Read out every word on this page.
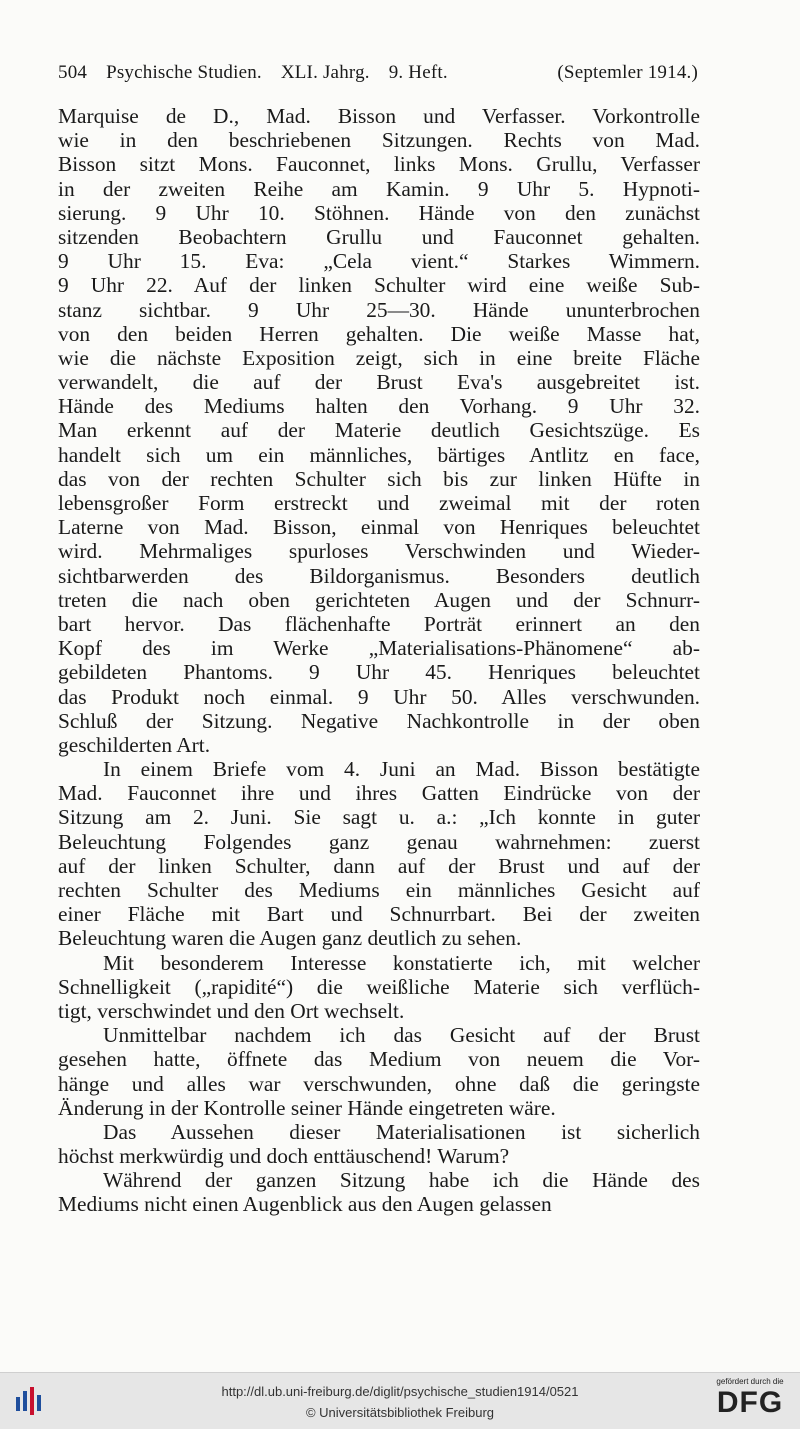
504 Psychische Studien. XLI. Jahrg. 9. Heft.	(Septemler 1914.)
Marquise de D., Mad. Bisson und Verfasser. Vorkontrolle
wie in den beschriebenen Sitzungen. Rechts von Mad.
Bisson sitzt Mons. Fauconnet, links Mons. Grullu, Verfasser
in der zweiten Reihe am Kamin. 9 Uhr 5. Hypnoti-
sierung. 9 Uhr 10. Stöhnen. Hände von den zunächst
sitzenden Beobachtern Grullu und Fauconnet gehalten.
9 Uhr 15. Eva: „Cela vient.“ Starkes Wimmern.
9 Uhr 22. Auf der linken Schulter wird eine weiße Sub-
stanz sichtbar. 9 Uhr 25—30. Hände ununterbrochen
von den beiden Herren gehalten. Die weiße Masse hat,
wie die nächste Exposition zeigt, sich in eine breite Fläche
verwandelt, die auf der Brust Eva's ausgebreitet ist.
Hände des Mediums halten den Vorhang. 9 Uhr 32.
Man erkennt auf der Materie deutlich Gesichtszüge. Es
handelt sich um ein männliches, bärtiges Antlitz en face,
das von der rechten Schulter sich bis zur linken Hüfte in
lebensgroßer Form erstreckt und zweimal mit der roten
Laterne von Mad. Bisson, einmal von Henriques beleuchtet
wird. Mehrmaliges spurloses Verschwinden und Wieder-
sichtbarwerden des Bildorganismus. Besonders deutlich
treten die nach oben gerichteten Augen und der Schnurr-
bart hervor. Das flächenhafte Porträt erinnert an den
Kopf des im Werke „Materialisations-Phänomene“ ab-
gebildeten Phantoms. 9 Uhr 45. Henriques beleuchtet
das Produkt noch einmal. 9 Uhr 50. Alles verschwunden.
Schluß der Sitzung. Negative Nachkontrolle in der oben
geschilderten Art.
In einem Briefe vom 4. Juni an Mad. Bisson bestätigte
Mad. Fauconnet ihre und ihres Gatten Eindrücke von der
Sitzung am 2. Juni. Sie sagt u. a.: „Ich konnte in guter
Beleuchtung Folgendes ganz genau wahrnehmen: zuerst
auf der linken Schulter, dann auf der Brust und auf der
rechten Schulter des Mediums ein männliches Gesicht auf
einer Fläche mit Bart und Schnurrbart. Bei der zweiten
Beleuchtung waren die Augen ganz deutlich zu sehen.
Mit besonderem Interesse konstatierte ich, mit welcher
Schnelligkeit („rapidité“) die weißliche Materie sich verflüch-
tigt, verschwindet und den Ort wechselt.
Unmittelbar nachdem ich das Gesicht auf der Brust
gesehen hatte, öffnete das Medium von neuem die Vor-
hänge und alles war verschwunden, ohne daß die geringste
Änderung in der Kontrolle seiner Hände eingetreten wäre.
Das Aussehen dieser Materialisationen ist sicherlich
höchst merkwürdig und doch enttäuschend! Warum?
Während der ganzen Sitzung habe ich die Hände des
Mediums nicht einen Augenblick aus den Augen gelassen
http://dl.ub.uni-freiburg.de/diglit/psychische_studien1914/0521
© Universitätsbibliothek Freiburg
gefördert durch die
DFG
